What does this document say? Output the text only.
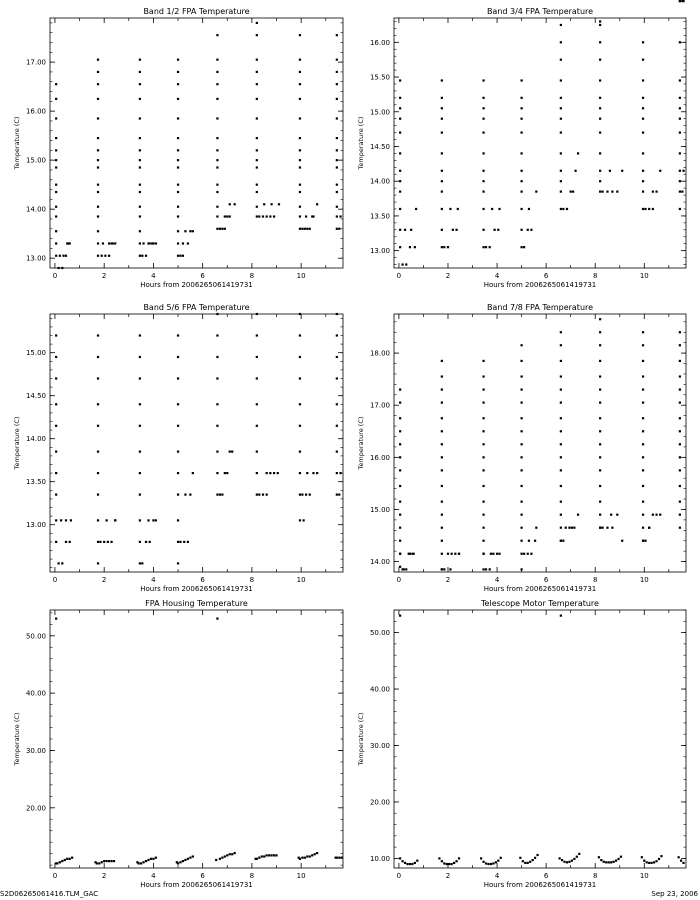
Band 1/2 FPA Temperature
Hours from 2006265061419731
Temperature (C)
0	2	4	6	8	10
13.00
14.00
15.00
16.00
17.00
Band 3/4 FPA Temperature
Hours from 2006265061419731
Temperature (C)
0	2	4	6	8	10
13.00
13.50
14.00
14.50
15.00
15.50
16.00
Band 5/6 FPA Temperature
Hours from 2006265061419731
Temperature (C)
0	2	4	6	8	10
13.00
13.50
14.00
14.50
15.00
Band 7/8 FPA Temperature
Hours from 2006265061419731
Temperature (C)
0	2	4	6	8	10
14.00
15.00
16.00
17.00
18.00
FPA Housing Temperature
Hours from 2006265061419731
Temperature (C)
0	2	4	6	8	10
20.00
30.00
40.00
50.00
Telescope Motor Temperature
Hours from 2006265061419731
Temperature (C)
0	2	4	6	8	10
10.00
20.00
30.00
40.00
50.00
S2D06265061416.TLM_GAC	Sep 23, 2006
